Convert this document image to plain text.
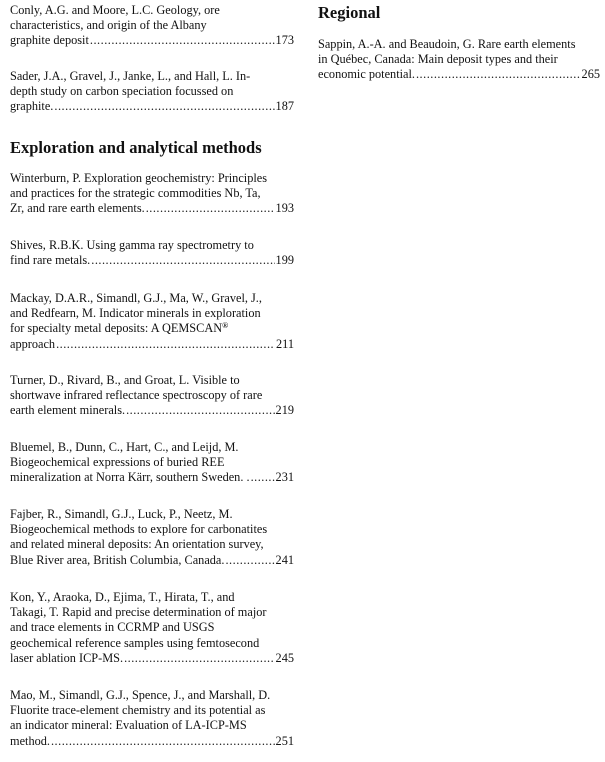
Conly, A.G. and Moore, L.C. Geology, ore
characteristics, and origin of the Albany
graphite deposit .....	173
Sader, J.A., Gravel, J., Janke, L., and Hall, L. In-
depth study on carbon speciation focussed on
graphite. .....	187
Exploration and analytical methods
Winterburn, P. Exploration geochemistry: Principles
and practices for the strategic commodities Nb, Ta,
Zr, and rare earth elements. .....	193
Shives, R.B.K. Using gamma ray spectrometry to
find rare metals. .....	199
Mackay, D.A.R., Simandl, G.J., Ma, W., Gravel, J.,
and Redfearn, M. Indicator minerals in exploration
for specialty metal deposits: A QEMSCAN®
approach .....	211
Turner, D., Rivard, B., and Groat, L. Visible to
shortwave infrared reflectance spectroscopy of rare
earth element minerals. .....	219
Bluemel, B., Dunn, C., Hart, C., and Leijd, M.
Biogeochemical expressions of buried REE
mineralization at Norra Kärr, southern Sweden. . ..... 231
Fajber, R., Simandl, G.J., Luck, P., Neetz, M.
Biogeochemical methods to explore for carbonatites
and related mineral deposits: An orientation survey,
Blue River area, British Columbia, Canada. .....	241
Kon, Y., Araoka, D., Ejima, T., Hirata, T., and
Takagi, T. Rapid and precise determination of major
and trace elements in CCRMP and USGS
geochemical reference samples using femtosecond
laser ablation ICP-MS. .....	245
Mao, M., Simandl, G.J., Spence, J., and Marshall, D.
Fluorite trace-element chemistry and its potential as
an indicator mineral: Evaluation of LA-ICP-MS
method. .....	251
Regional
Sappin, A.-A. and Beaudoin, G. Rare earth elements
in Québec, Canada: Main deposit types and their
economic potential. .....	265
